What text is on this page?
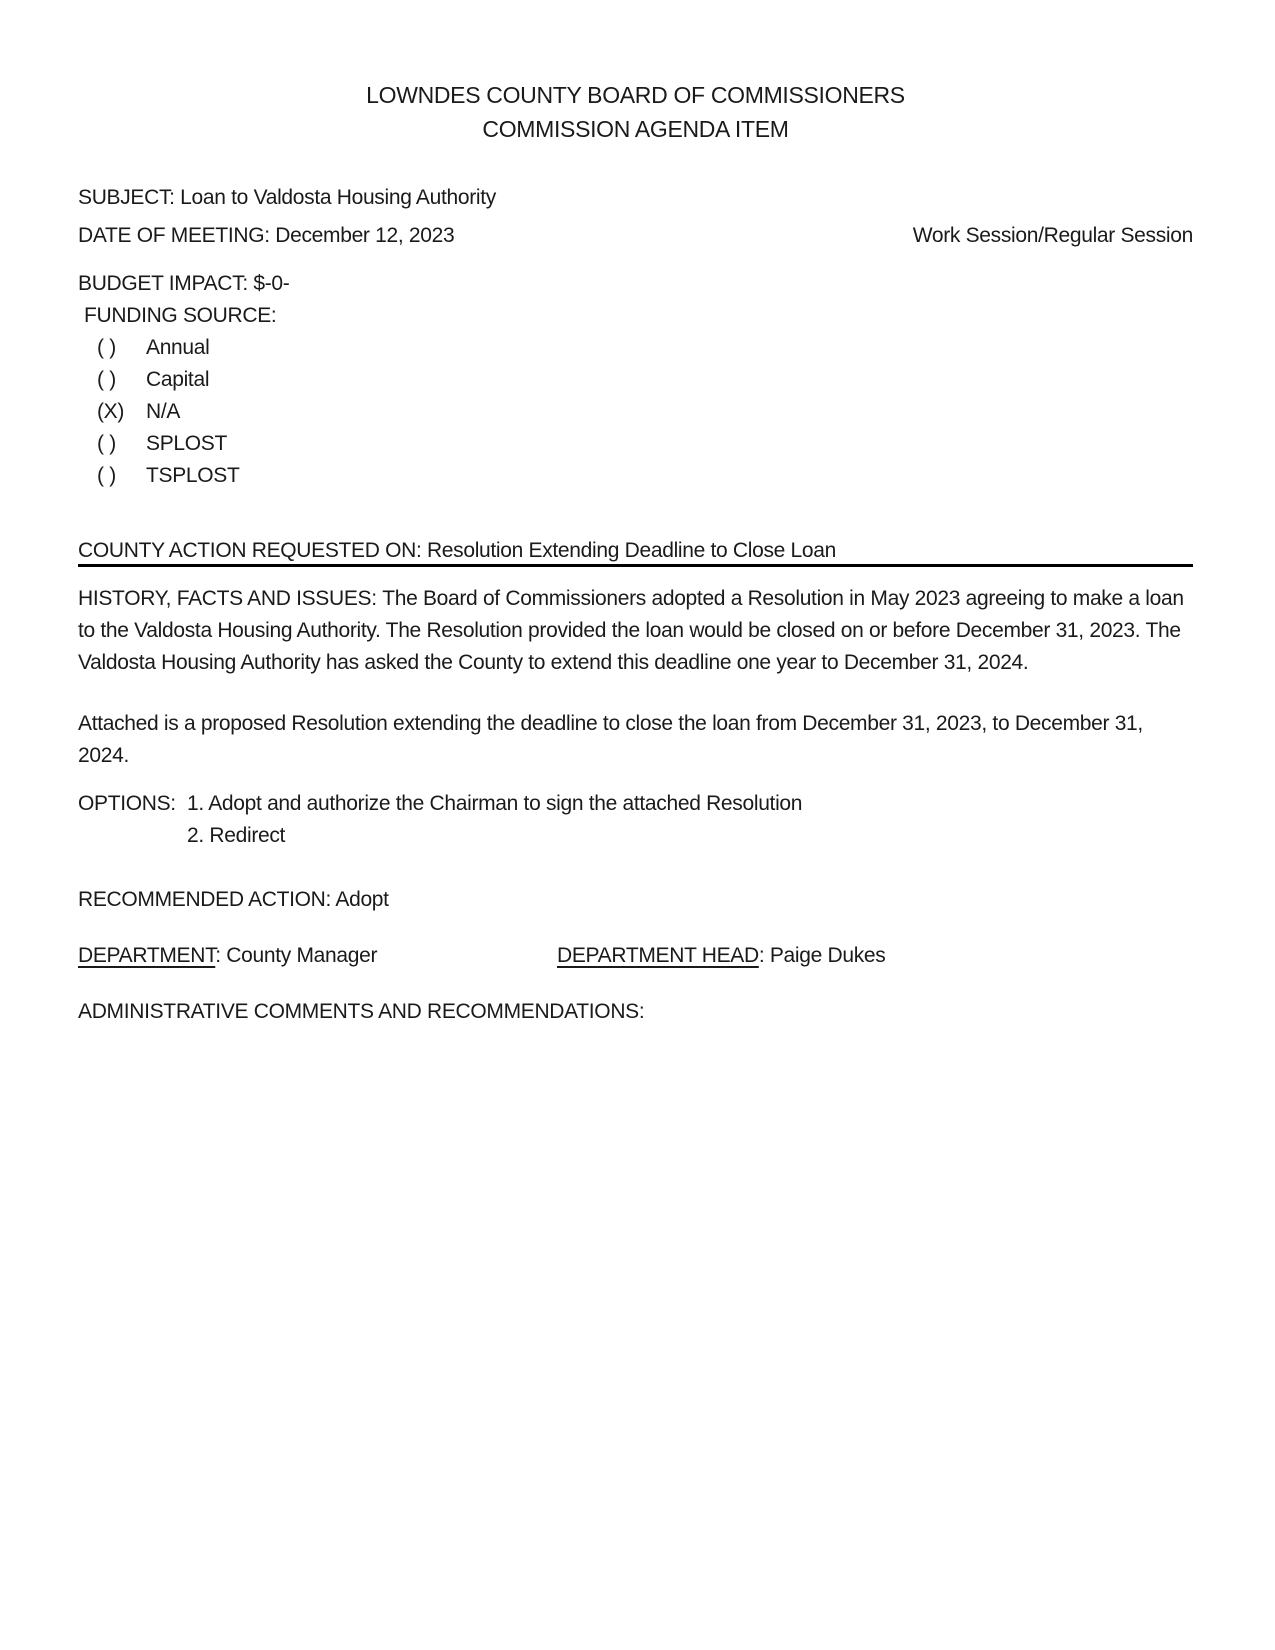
LOWNDES COUNTY BOARD OF COMMISSIONERS
COMMISSION AGENDA ITEM
SUBJECT: Loan to Valdosta Housing Authority
DATE OF MEETING: December 12, 2023	Work Session/Regular Session
BUDGET IMPACT: $-0-
FUNDING SOURCE:
( )	Annual
( )	Capital
(X)	N/A
( )	SPLOST
( )	TSPLOST
COUNTY ACTION REQUESTED ON: Resolution Extending Deadline to Close Loan

HISTORY, FACTS AND ISSUES: The Board of Commissioners adopted a Resolution in May 2023 agreeing to make a loan to the Valdosta Housing Authority. The Resolution provided the loan would be closed on or before December 31, 2023. The Valdosta Housing Authority has asked the County to extend this deadline one year to December 31, 2024.

Attached is a proposed Resolution extending the deadline to close the loan from December 31, 2023, to December 31, 2024.

OPTIONS: 1. Adopt and authorize the Chairman to sign the attached Resolution
2. Redirect
RECOMMENDED ACTION: Adopt
DEPARTMENT: County Manager	DEPARTMENT HEAD: Paige Dukes
ADMINISTRATIVE COMMENTS AND RECOMMENDATIONS:
